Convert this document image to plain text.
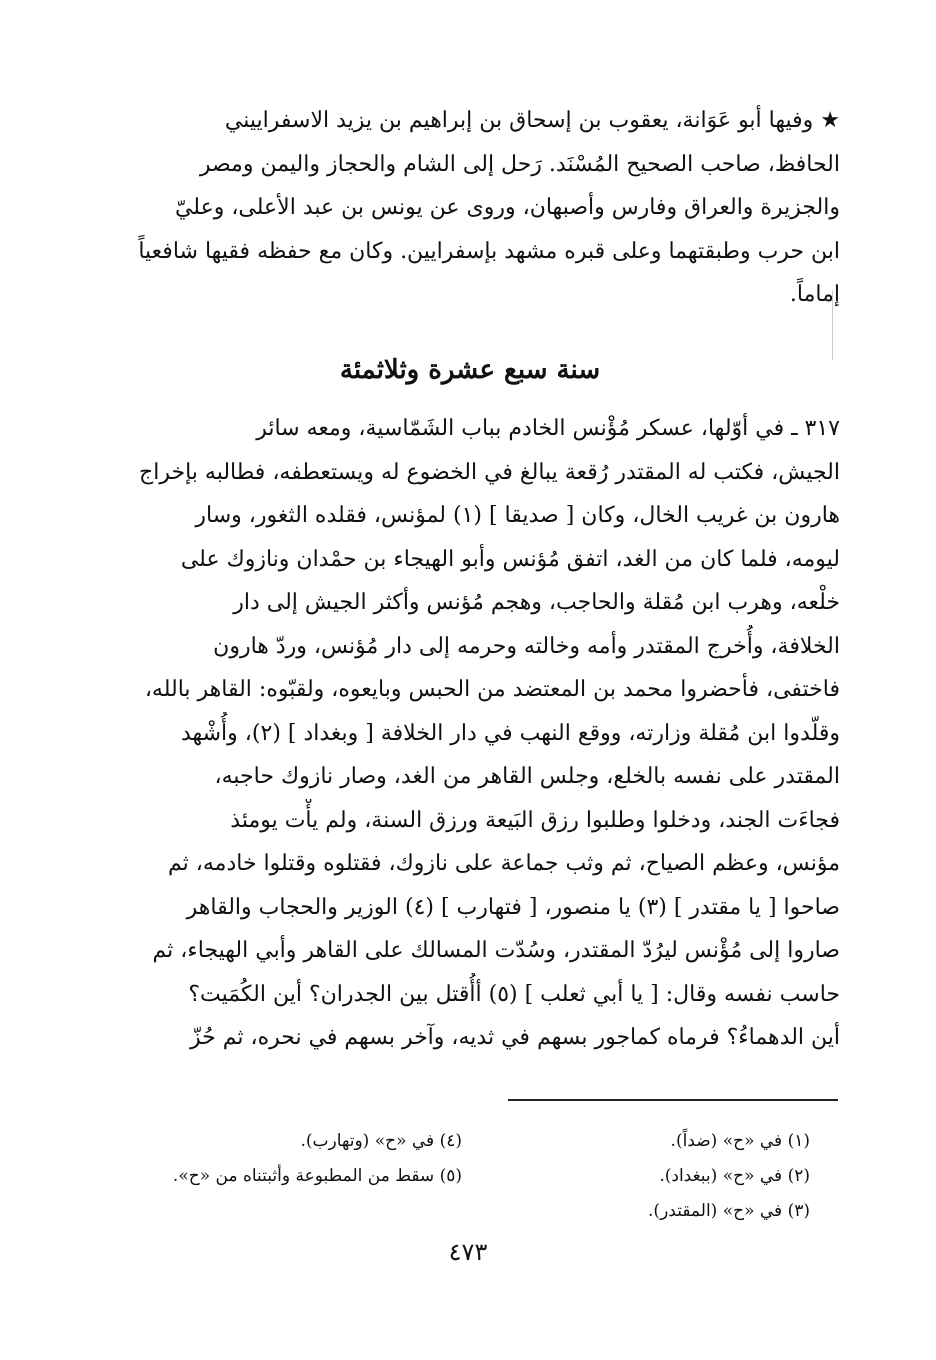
★ وفيها أبو عَوَانة، يعقوب بن إسحاق بن إبراهيم بن يزيد الاسفراييني
الحافظ، صاحب الصحيح المُسْنَد. رَحل إلى الشام والحجاز واليمن ومصر
والجزيرة والعراق وفارس وأصبهان، وروى عن يونس بن عبد الأعلى، وعليّ
ابن حرب وطبقتهما وعلى قبره مشهد بإسفرايين. وكان مع حفظه فقيها شافعياً
إماماً.
سنة سبع عشرة وثلاثمئة
٣١٧ ـ في أوّلها، عسكر مُؤْنس الخادم بباب الشَمّاسية، ومعه سائر
الجيش، فكتب له المقتدر رُقعة يبالغ في الخضوع له ويستعطفه، فطالبه بإخراج
هارون بن غريب الخال، وكان [ صديقا ] (١) لمؤنس، فقلده الثغور، وسار
ليومه، فلما كان من الغد، اتفق مُؤنس وأبو الهيجاء بن حمْدان ونازوك على
خلْعه، وهرب ابن مُقلة والحاجب، وهجم مُؤنس وأكثر الجيش إلى دار
الخلافة، وأُخرج المقتدر وأمه وخالته وحرمه إلى دار مُؤنس، وردّ هارون
فاختفى، فأحضروا محمد بن المعتضد من الحبس وبايعوه، ولقبّوه: القاهر بالله،
وقلّدوا ابن مُقلة وزارته، ووقع النهب في دار الخلافة [ وبغداد ] (٢)، وأُشْهد
المقتدر على نفسه بالخلع، وجلس القاهر من الغد، وصار نازوك حاجبه،
فجاءَت الجند، ودخلوا وطلبوا رزق البَيعة ورزق السنة، ولم يأْت يومئذ
مؤنس، وعظم الصياح، ثم وثب جماعة على نازوك، فقتلوه وقتلوا خادمه، ثم
صاحوا [ يا مقتدر ] (٣) يا منصور، [ فتهارب ] (٤) الوزير والحجاب والقاهر
صاروا إلى مُؤْنس ليرُدّ المقتدر، وسُدّت المسالك على القاهر وأبي الهيجاء، ثم
حاسب نفسه وقال: [ يا أبي ثعلب ] (٥) أأُقتل بين الجدران؟ أين الكُمَيت؟
أين الدهماءُ؟ فرماه كماجور بسهم في ثديه، وآخر بسهم في نحره، ثم حُزّ
(١) في «ح» (ضداً).
(٢) في «ح» (ببغداد).
(٣) في «ح» (المقتدر).
(٤) في «ح» (وتهارب).
(٥) سقط من المطبوعة وأثبتناه من «ح».
٤٧٣
